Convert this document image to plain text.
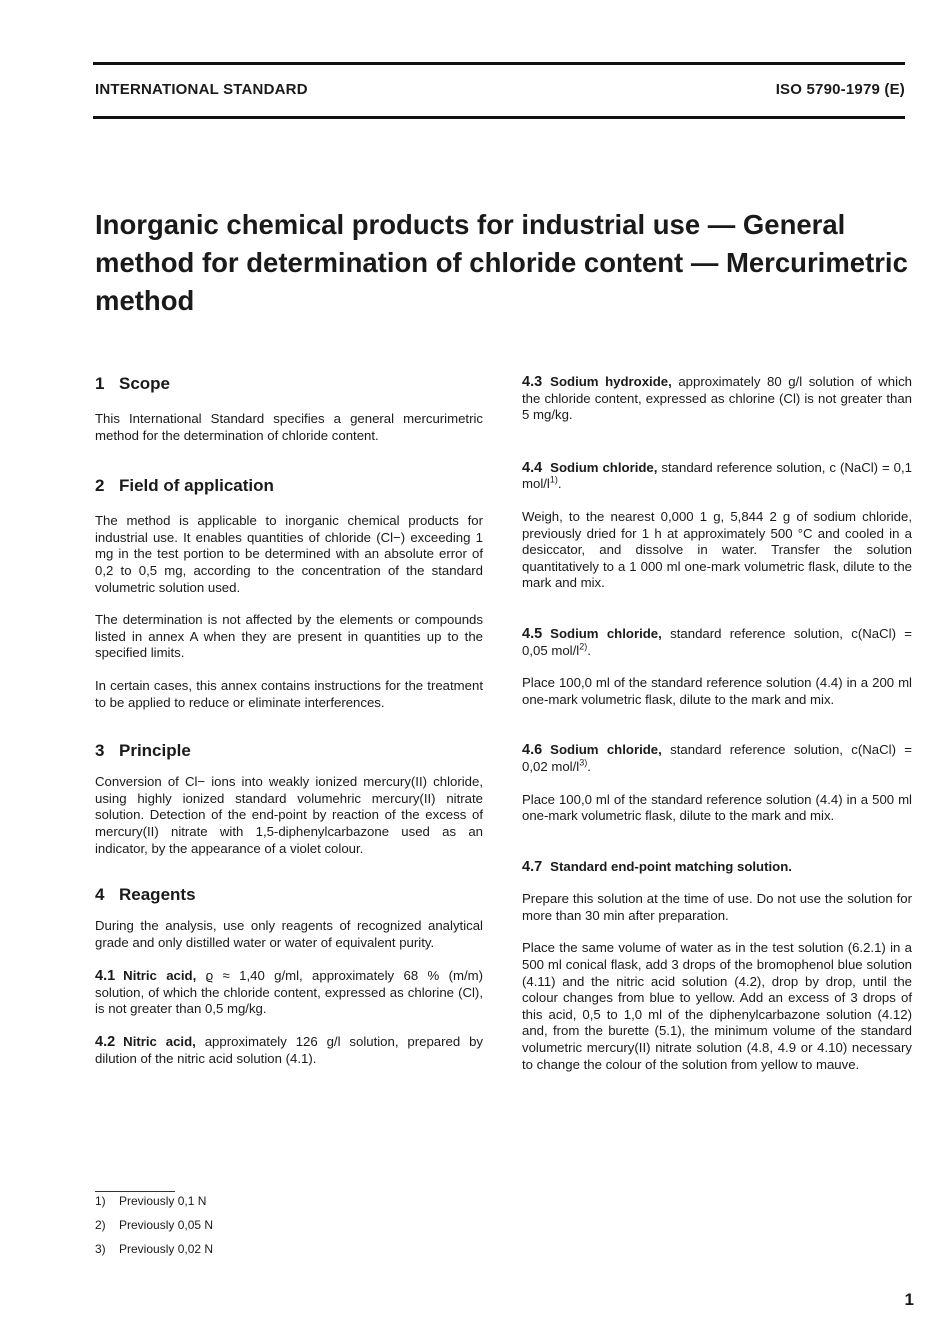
INTERNATIONAL STANDARD	ISO 5790-1979 (E)
Inorganic chemical products for industrial use — General method for determination of chloride content — Mercurimetric method
1 Scope

This International Standard specifies a general mercurimetric method for the determination of chloride content.

2 Field of application

The method is applicable to inorganic chemical products for industrial use. It enables quantities of chloride (Cl−) exceeding 1 mg in the test portion to be determined with an absolute error of 0,2 to 0,5 mg, according to the concentration of the standard volumetric solution used.

The determination is not affected by the elements or compounds listed in annex A when they are present in quantities up to the specified limits.

In certain cases, this annex contains instructions for the treatment to be applied to reduce or eliminate interferences.

3 Principle

Conversion of Cl− ions into weakly ionized mercury(II) chloride, using highly ionized standard volumehric mercury(II) nitrate solution. Detection of the end-point by reaction of the excess of mercury(II) nitrate with 1,5-diphenylcarbazone used as an indicator, by the appearance of a violet colour.

4 Reagents

During the analysis, use only reagents of recognized analytical grade and only distilled water or water of equivalent purity.

4.1 Nitric acid, ϱ ≈ 1,40 g/ml, approximately 68 % (m/m) solution, of which the chloride content, expressed as chlorine (Cl), is not greater than 0,5 mg/kg.

4.2 Nitric acid, approximately 126 g/l solution, prepared by dilution of the nitric acid solution (4.1).

4.3 Sodium hydroxide, approximately 80 g/l solution of which the chloride content, expressed as chlorine (Cl) is not greater than 5 mg/kg.

4.4 Sodium chloride, standard reference solution, c (NaCl) = 0,1 mol/$l^{1)}$.

Weigh, to the nearest 0,000 1 g, 5,844 2 g of sodium chloride, previously dried for 1 h at approximately 500 °C and cooled in a desiccator, and dissolve in water. Transfer the solution quantitatively to a 1 000 ml one-mark volumetric flask, dilute to the mark and mix.

4.5 Sodium chloride, standard reference solution, c(NaCl) = 0,05 mol/$l^{2)}$.

Place 100,0 ml of the standard reference solution (4.4) in a 200 ml one-mark volumetric flask, dilute to the mark and mix.

4.6 Sodium chloride, standard reference solution, c(NaCl) = 0,02 mol/$l^{3)}$.

Place 100,0 ml of the standard reference solution (4.4) in a 500 ml one-mark volumetric flask, dilute to the mark and mix.

4.7 Standard end-point matching solution.

Prepare this solution at the time of use. Do not use the solution for more than 30 min after preparation.

Place the same volume of water as in the test solution (6.2.1) in a 500 ml conical flask, add 3 drops of the bromophenol blue solution (4.11) and the nitric acid solution (4.2), drop by drop, until the colour changes from blue to yellow. Add an excess of 3 drops of this acid, 0,5 to 1,0 ml of the diphenylcarbazone solution (4.12) and, from the burette (5.1), the minimum volume of the standard volumetric mercury(II) nitrate solution (4.8, 4.9 or 4.10) necessary to change the colour of the solution from yellow to mauve.

1) Previously 0,1 N
2) Previously 0,05 N
3) Previously 0,02 N
1
